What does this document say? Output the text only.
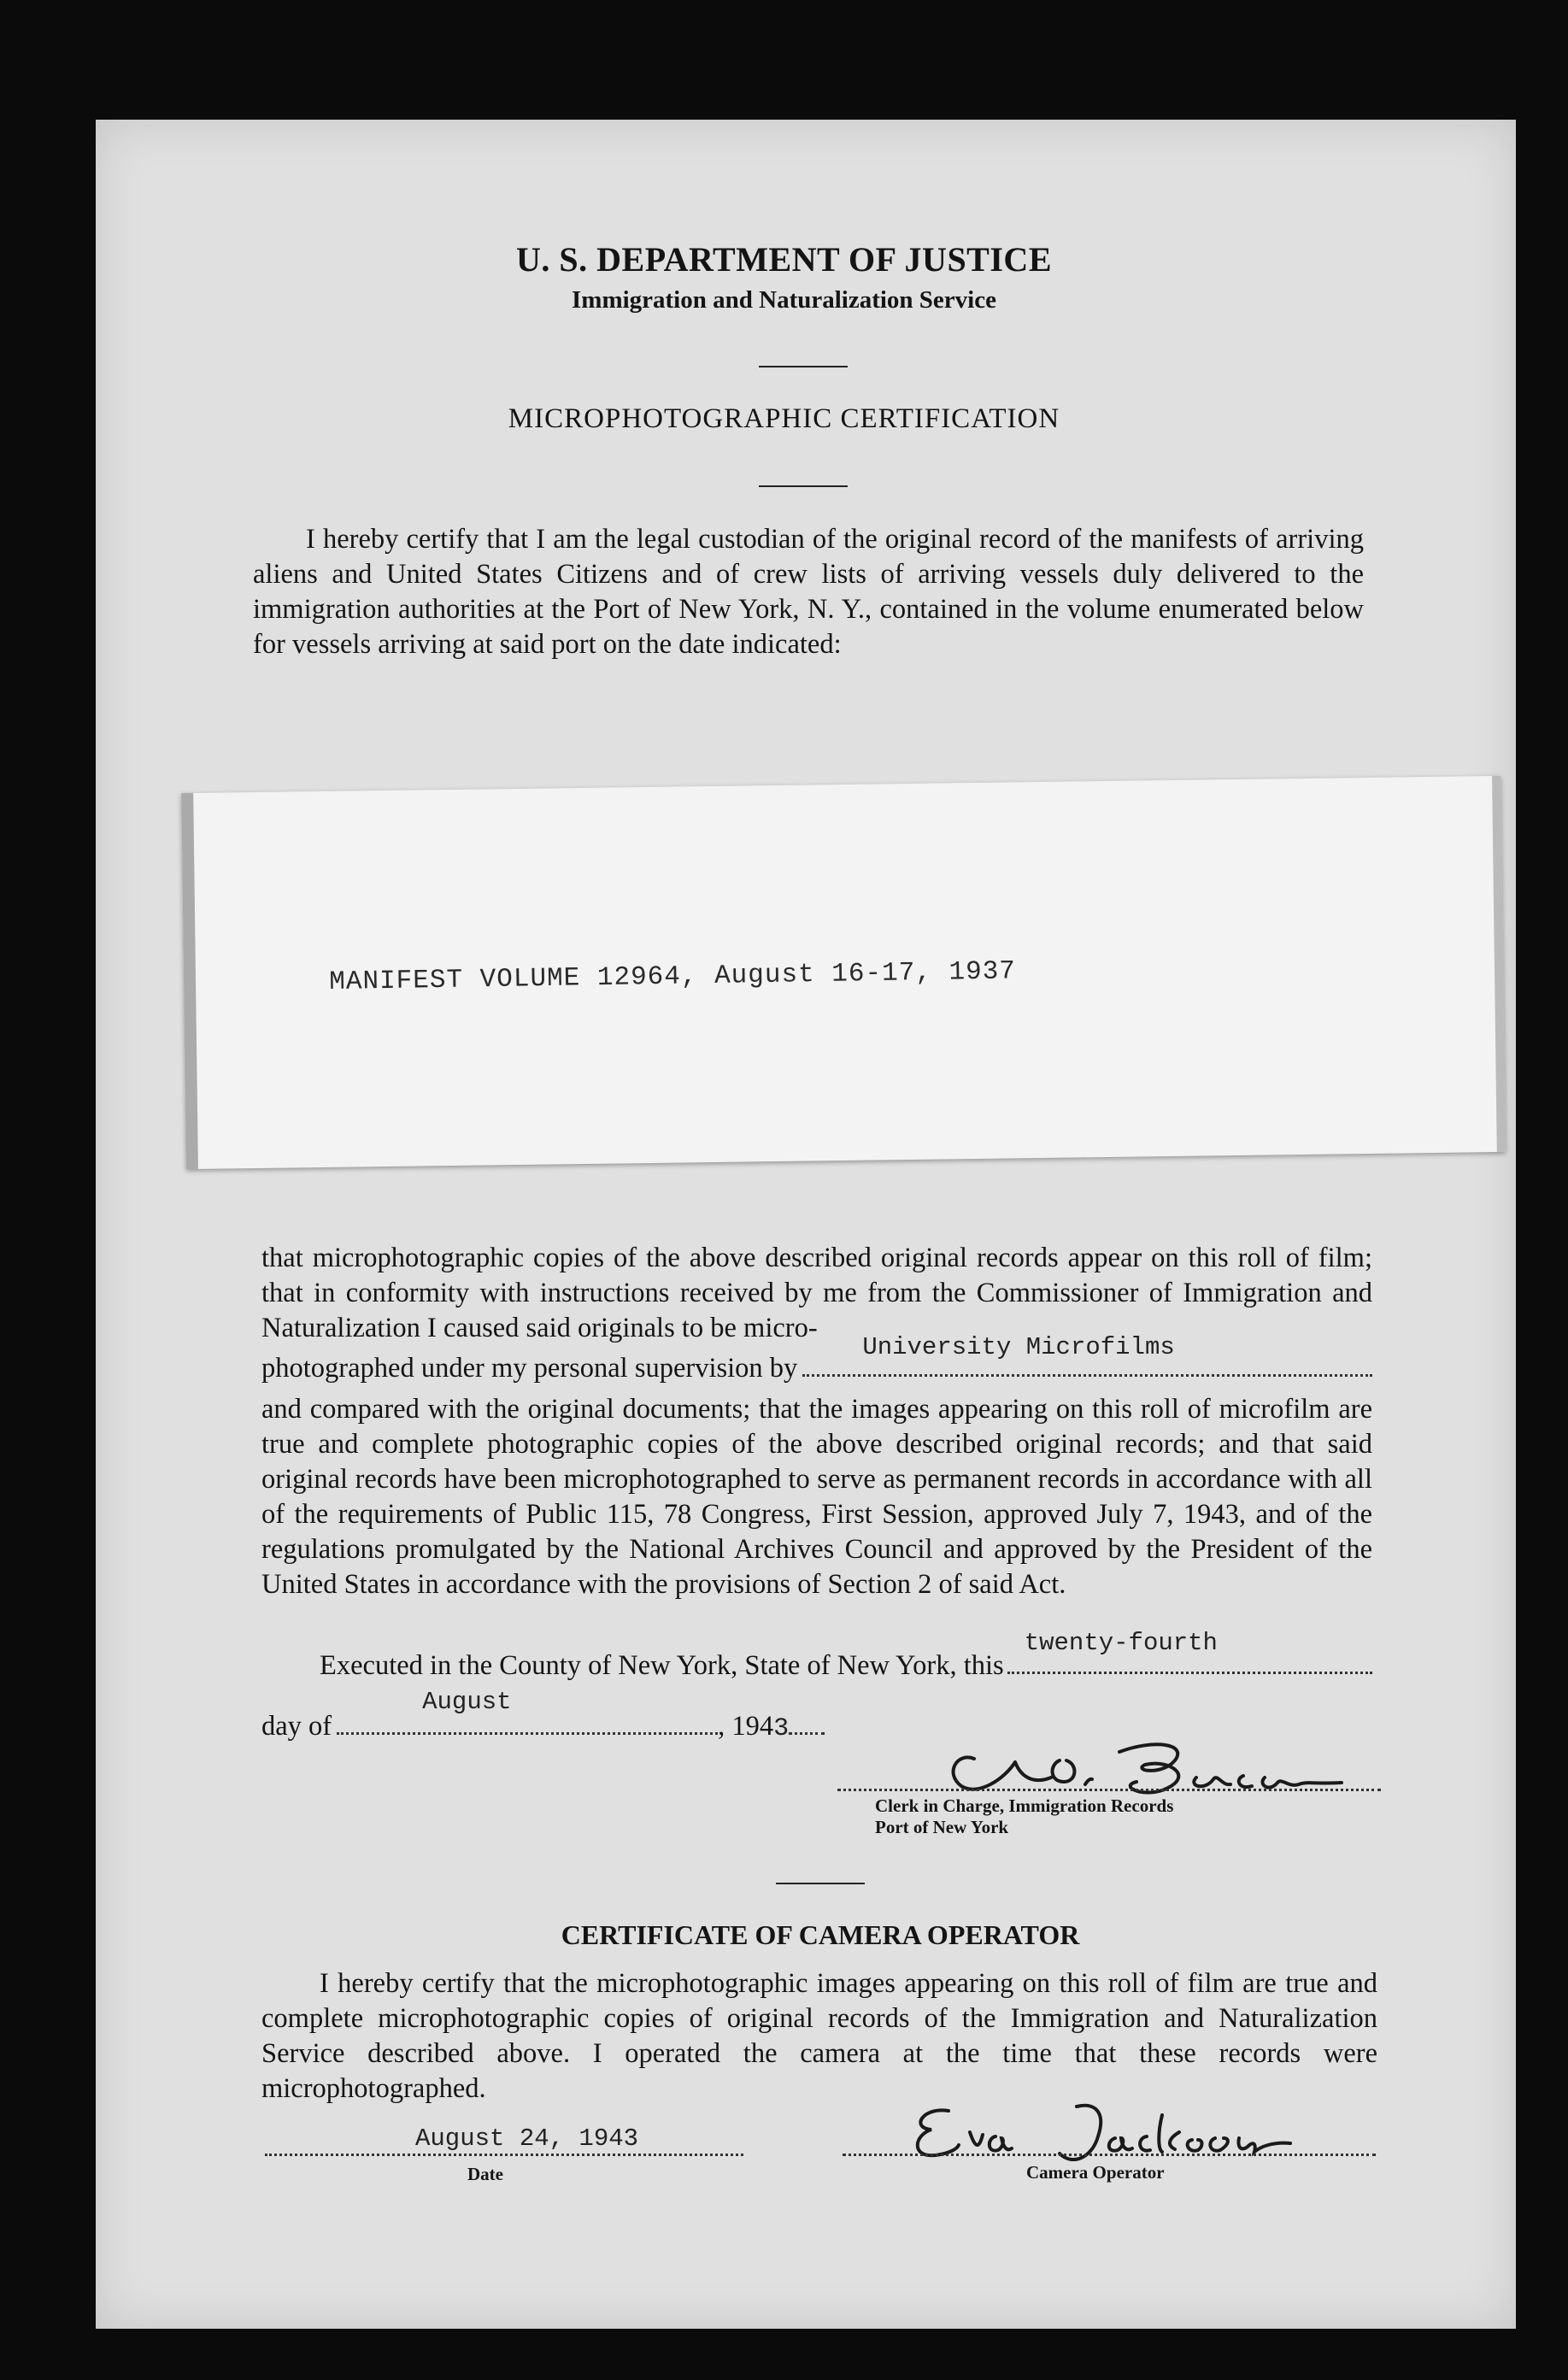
U. S. DEPARTMENT OF JUSTICE
Immigration and Naturalization Service
MICROPHOTOGRAPHIC CERTIFICATION
I hereby certify that I am the legal custodian of the original record of the manifests of arriving aliens and United States Citizens and of crew lists of arriving vessels duly delivered to the immigration authorities at the Port of New York, N. Y., contained in the volume enumerated below for vessels arriving at said port on the date indicated:
MANIFEST VOLUME 12964, August 16-17, 1937
that microphotographic copies of the above described original records appear on this roll of film; that in conformity with instructions received by me from the Commissioner of Immigration and Naturalization I caused said originals to be micro-
photographed under my personal supervision by
University Microfilms
and compared with the original documents; that the images appearing on this roll of microfilm are true and complete photographic copies of the above described original records; and that said original records have been microphotographed to serve as permanent records in accordance with all of the requirements of Public 115, 78 Congress, First Session, approved July 7, 1943, and of the regulations promulgated by the National Archives Council and approved by the President of the United States in accordance with the provisions of Section 2 of said Act.
Executed in the County of New York, State of New York, this
twenty-fourth
day of
August
, 194 3
Clerk in Charge, Immigration Records
Port of New York
CERTIFICATE OF CAMERA OPERATOR
I hereby certify that the microphotographic images appearing on this roll of film are true and complete microphotographic copies of original records of the Immigration and Naturalization Service described above. I operated the camera at the time that these records were microphotographed.
August 24, 1943
Date	Camera Operator
